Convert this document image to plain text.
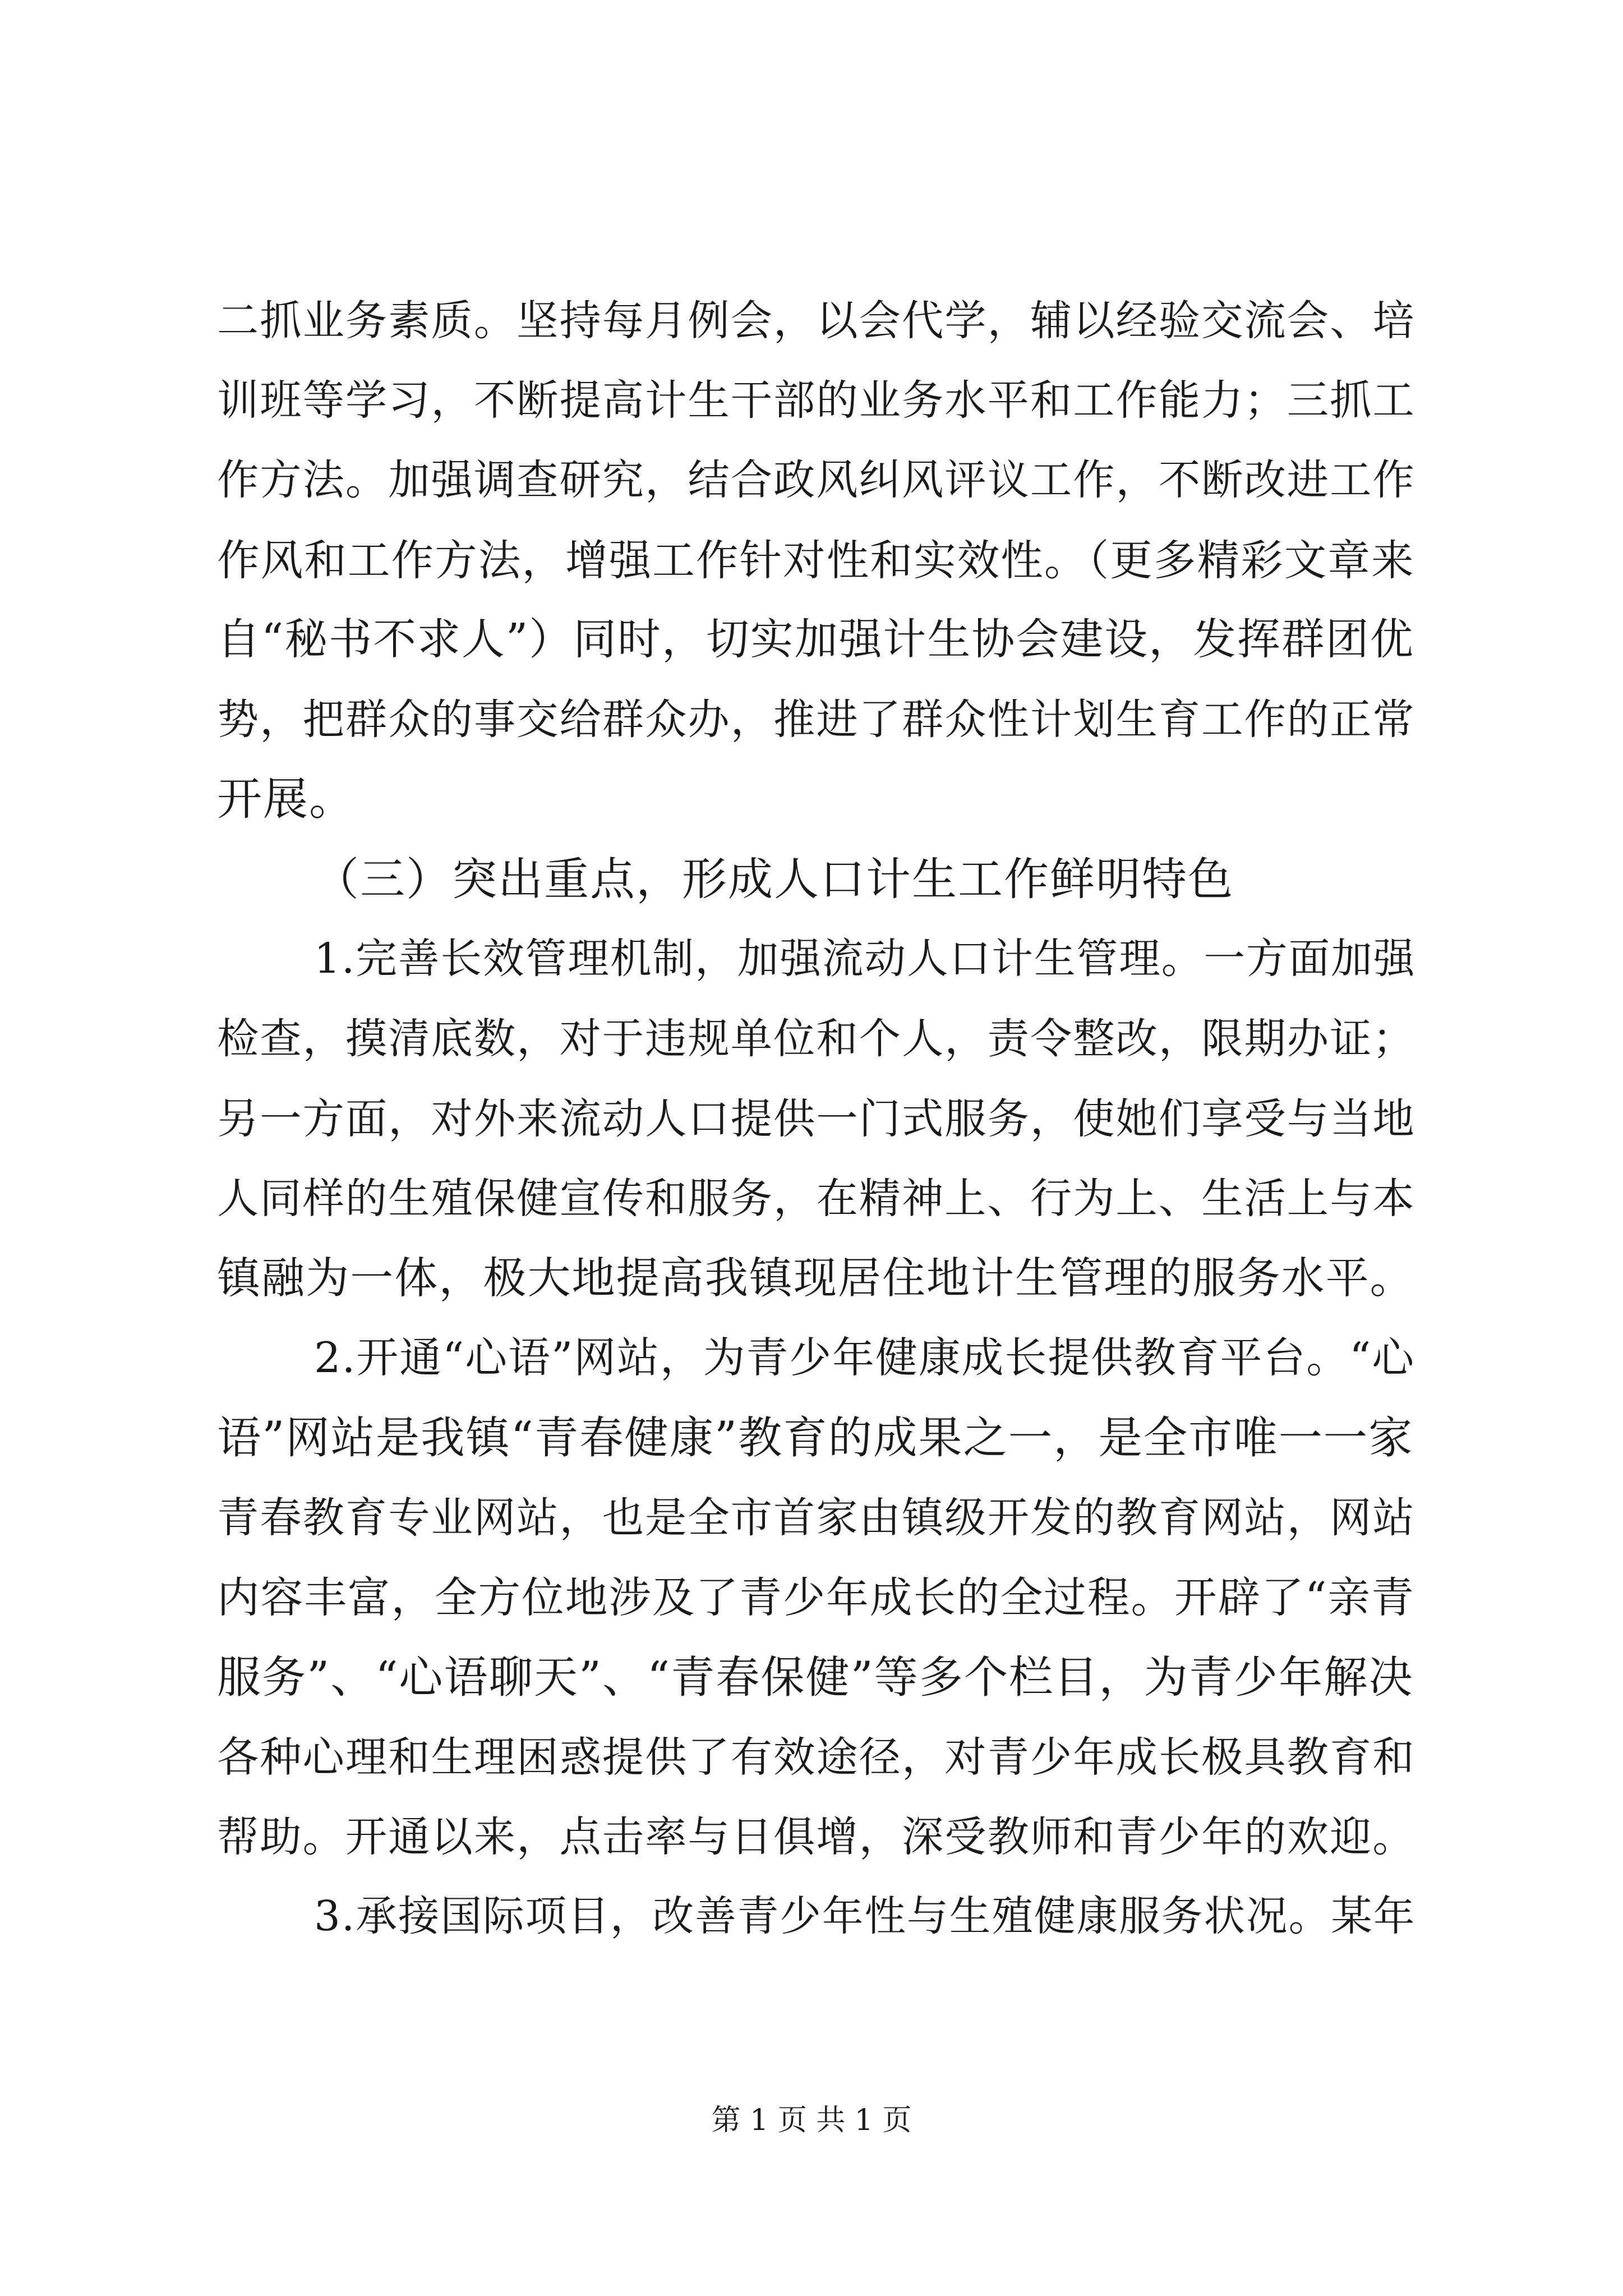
二抓业务素质。坚持每月例会，以会代学，辅以经验交流会、培
训班等学习，不断提高计生干部的业务水平和工作能力；三抓工
作方法。加强调查研究，结合政风纠风评议工作，不断改进工作
作风和工作方法，增强工作针对性和实效性。（更多精彩文章来
自“秘书不求人”）同时，切实加强计生协会建设，发挥群团优
势，把群众的事交给群众办，推进了群众性计划生育工作的正常
开展。
（三）突出重点，形成人口计生工作鲜明特色
1.完善长效管理机制，加强流动人口计生管理。一方面加强
检查，摸清底数，对于违规单位和个人，责令整改，限期办证；
另一方面，对外来流动人口提供一门式服务，使她们享受与当地
人同样的生殖保健宣传和服务，在精神上、行为上、生活上与本
镇融为一体，极大地提高我镇现居住地计生管理的服务水平。
2.开通“心语”网站，为青少年健康成长提供教育平台。“心
语”网站是我镇“青春健康”教育的成果之一，是全市唯一一家
青春教育专业网站，也是全市首家由镇级开发的教育网站，网站
内容丰富，全方位地涉及了青少年成长的全过程。开辟了“亲青
服务”、“心语聊天”、“青春保健”等多个栏目，为青少年解决
各种心理和生理困惑提供了有效途径，对青少年成长极具教育和
帮助。开通以来，点击率与日俱增，深受教师和青少年的欢迎。
3.承接国际项目，改善青少年性与生殖健康服务状况。某年
第 1 页 共 1 页
